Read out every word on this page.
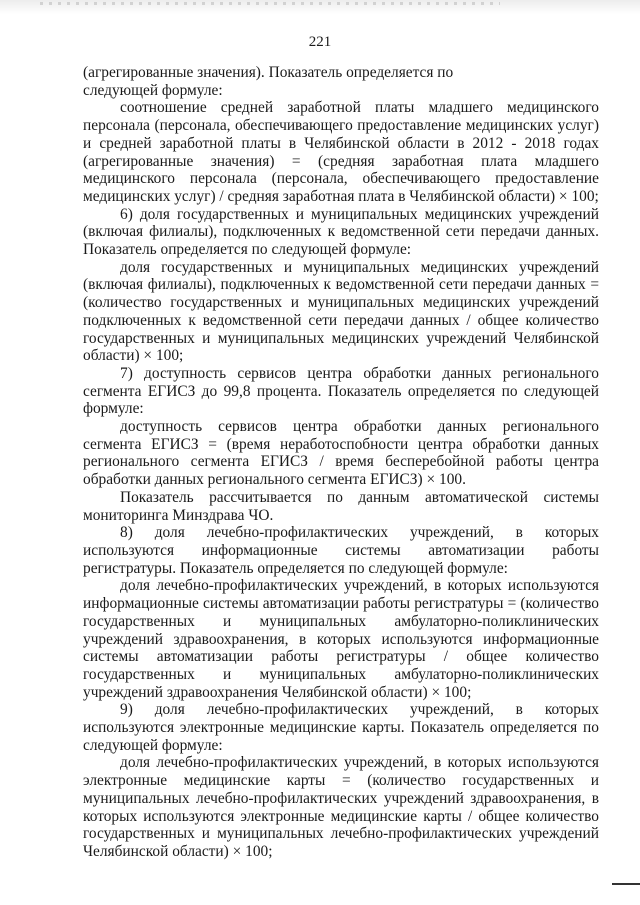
221

(агрегированные значения). Показатель определяется по

следующей формуле:

соотношение средней заработной платы младшего медицинского персонала (персонала, обеспечивающего предоставление медицинских услуг) и средней заработной платы в Челябинской области в 2012 - 2018 годах (агрегированные значения) = (средняя заработная плата младшего медицинского персонала (персонала, обеспечивающего предоставление медицинских услуг) / средняя заработная плата в Челябинской области) × 100;

6) доля государственных и муниципальных медицинских учреждений (включая филиалы), подключенных к ведомственной сети передачи данных. Показатель определяется по следующей формуле:

доля государственных и муниципальных медицинских учреждений (включая филиалы), подключенных к ведомственной сети передачи данных = (количество государственных и муниципальных медицинских учреждений подключенных к ведомственной сети передачи данных / общее количество государственных и муниципальных медицинских учреждений Челябинской области) × 100;

7) доступность сервисов центра обработки данных регионального сегмента ЕГИСЗ до 99,8 процента. Показатель определяется по следующей формуле:

доступность сервисов центра обработки данных регионального сегмента ЕГИСЗ = (время неработоспобности центра обработки данных регионального сегмента ЕГИСЗ / время бесперебойной работы центра обработки данных регионального сегмента ЕГИСЗ) × 100.

Показатель рассчитывается по данным автоматической системы мониторинга Минздрава ЧО.

8) доля лечебно-профилактических учреждений, в которых используются информационные системы автоматизации работы регистратуры. Показатель определяется по следующей формуле:

доля лечебно-профилактических учреждений, в которых используются информационные системы автоматизации работы регистратуры = (количество государственных и муниципальных амбулаторно-поликлинических учреждений здравоохранения, в которых используются информационные системы автоматизации работы регистратуры / общее количество государственных и муниципальных амбулаторно-поликлинических учреждений здравоохранения Челябинской области) × 100;

9) доля лечебно-профилактических учреждений, в которых используются электронные медицинские карты. Показатель определяется по следующей формуле:

доля лечебно-профилактических учреждений, в которых используются электронные медицинские карты = (количество государственных и муниципальных лечебно-профилактических учреждений здравоохранения, в которых используются электронные медицинские карты / общее количество государственных и муниципальных лечебно-профилактических учреждений Челябинской области) × 100;
